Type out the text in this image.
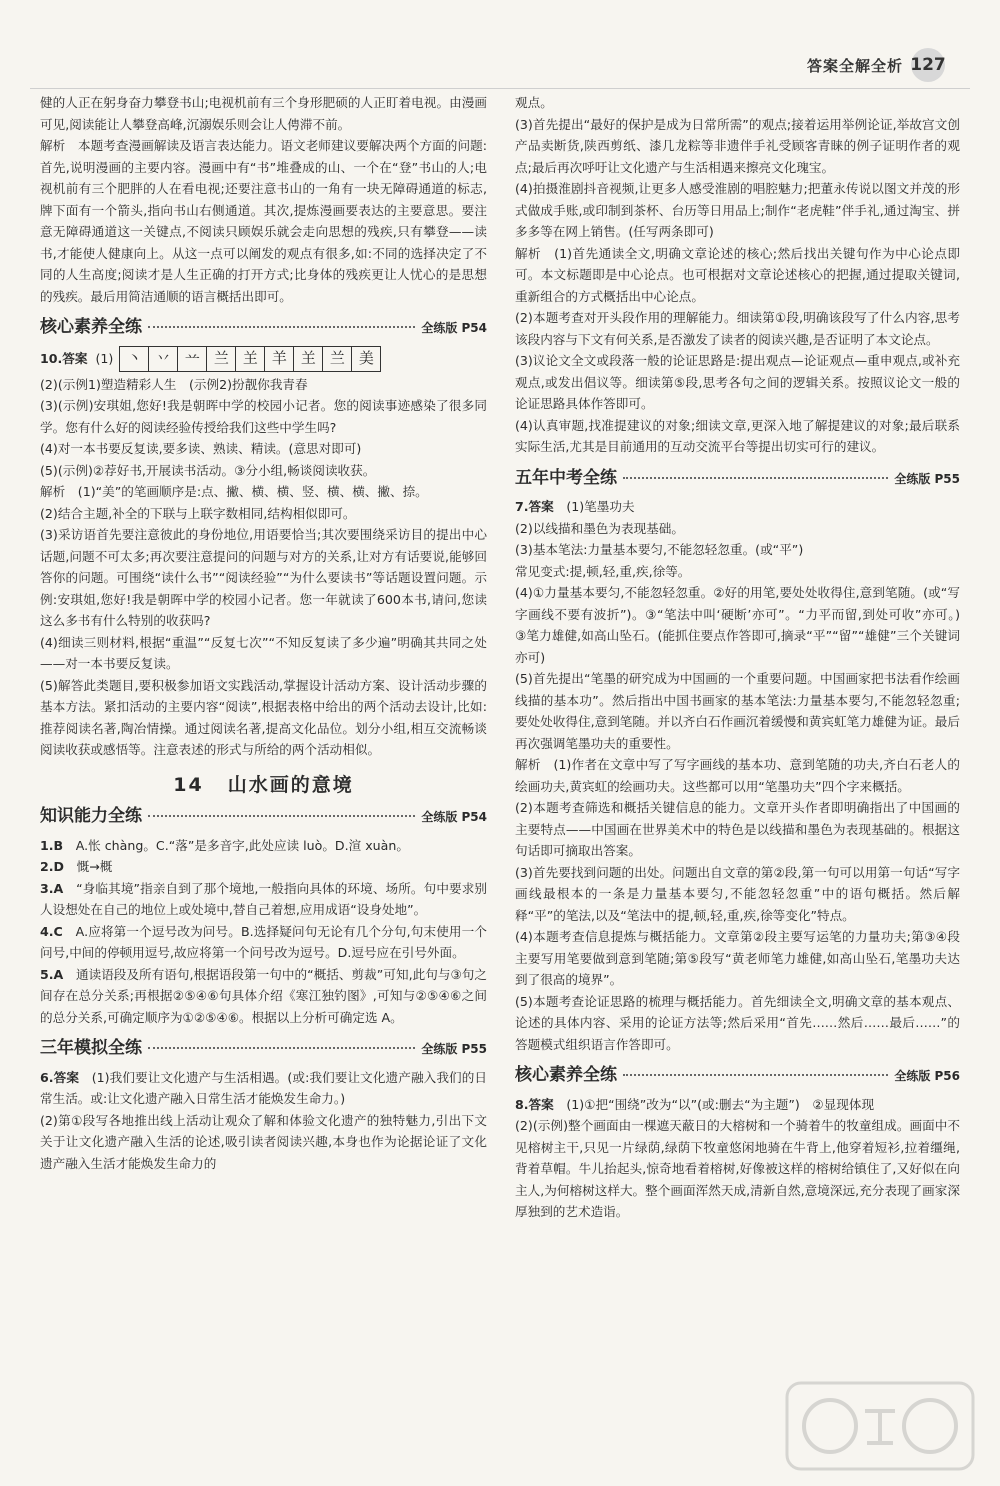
答案全解全析 127

健的人正在躬身奋力攀登书山;电视机前有三个身形肥硕的人正盯着电视。由漫画可见,阅读能让人攀登高峰,沉溺娱乐则会让人俜滞不前。

解析　本题考查漫画解读及语言表达能力。语文老师建议要解决两个方面的问题:首先,说明漫画的主要内容。漫画中有“书”堆叠成的山、一个在“登”书山的人;电视机前有三个肥胖的人在看电视;还要注意书山的一角有一块无障碍通道的标志,牌下面有一个箭头,指向书山右侧通道。其次,提炼漫画要表达的主要意思。要注意无障碍通道这一关键点,不阅读只顾娱乐就会走向思想的残疾,只有攀登——读书,才能使人健康向上。从这一点可以阐发的观点有很多,如:不同的选择决定了不同的人生高度;阅读才是人生正确的打开方式;比身体的残疾更让人忧心的是思想的残疾。最后用简洁通顺的语言概括出即可。

核心素养全练	全练版 P54
10.答案 (1) 丶 丷 䒑 兰 𦍌 羊 𦍌 兰 美

(2)(示例1)塑造精彩人生　(示例2)扮靓你我青春

(3)(示例)安琪姐,您好!我是朝晖中学的校园小记者。您的阅读事迹感染了很多同学。您有什么好的阅读经验传授给我们这些中学生吗?

(4)对一本书要反复读,要多读、熟读、精读。(意思对即可)

(5)(示例)②荐好书,开展读书活动。③分小组,畅谈阅读收获。

解析　(1)“美”的笔画顺序是:点、撇、横、横、竖、横、横、撇、捺。

(2)结合主题,补全的下联与上联字数相同,结构相似即可。

(3)采访语首先要注意彼此的身份地位,用语要恰当;其次要围绕采访目的提出中心话题,问题不可太多;再次要注意提问的问题与对方的关系,让对方有话要说,能够回答你的问题。可围绕“读什么书”“阅读经验”“为什么要读书”等话题设置问题。示例:安琪姐,您好!我是朝晖中学的校园小记者。您一年就读了600本书,请问,您读这么多书有什么特别的收获吗?

(4)细读三则材料,根据“重温”“反复七次”“不知反复读了多少遍”明确其共同之处——对一本书要反复读。

(5)解答此类题目,要积极参加语文实践活动,掌握设计活动方案、设计活动步骤的基本方法。紧扣活动的主要内容“阅读”,根据表格中给出的两个活动去设计,比如:推荐阅读名著,陶冶情操。通过阅读名著,提高文化品位。划分小组,相互交流畅谈阅读收获或感悟等。注意表述的形式与所给的两个活动相似。

14 山水画的意境
知识能力全练	全练版 P54

1.B　 A.怅 chàng。C.“落”是多音字,此处应读 luò。D.渲 xuàn。

2.D　 慨→概

3.A　 “身临其境”指亲自到了那个境地,一般指向具体的环境、场所。句中要求别人设想处在自己的地位上或处境中,替自己着想,应用成语“设身处地”。

4.C　 A.应将第一个逗号改为问号。B.选择疑问句无论有几个分句,句末使用一个问号,中间的停顿用逗号,故应将第一个问号改为逗号。D.逗号应在引号外面。

5.A　 通读语段及所有语句,根据语段第一句中的“概括、剪裁”可知,此句与③句之间存在总分关系;再根据②⑤④⑥句具体介绍《寒江独钓图》,可知与②⑤④⑥之间的总分关系,可确定顺序为①②⑤④⑥。根据以上分析可确定选 A。

三年模拟全练	全练版 P55

6.答案　 (1)我们要让文化遗产与生活相遇。(或:我们要让文化遗产融入我们的日常生活。或:让文化遗产融入日常生活才能焕发生命力。)

(2)第①段写各地推出线上活动让观众了解和体验文化遗产的独特魅力,引出下文关于让文化遗产融入生活的论述,吸引读者阅读兴趣,本身也作为论据论证了文化遗产融入生活才能焕发生命力的

观点。

(3)首先提出“最好的保护是成为日常所需”的观点;接着运用举例论证,举故宫文创产品卖断货,陕西剪纸、漆几龙粽等非遗伴手礼受顾客青睐的例子证明作者的观点;最后再次呼吁让文化遗产与生活相遇来擦亮文化瑰宝。

(4)拍摄淮剧抖音视频,让更多人感受淮剧的唱腔魅力;把董永传说以图文并茂的形式做成手账,或印制到茶杯、台历等日用品上;制作“老虎鞋”伴手礼,通过淘宝、拼多多等在网上销售。(任写两条即可)

解析　(1)首先通读全文,明确文章论述的核心;然后找出关键句作为中心论点即可。本文标题即是中心论点。也可根据对文章论述核心的把握,通过提取关键词,重新组合的方式概括出中心论点。

(2)本题考查对开头段作用的理解能力。细读第①段,明确该段写了什么内容,思考该段内容与下文有何关系,是否激发了读者的阅读兴趣,是否证明了本文论点。

(3)议论文全文或段落一般的论证思路是:提出观点—论证观点—重申观点,或补充观点,或发出倡议等。细读第⑤段,思考各句之间的逻辑关系。按照议论文一般的论证思路具体作答即可。

(4)认真审题,找准提建议的对象;细读文章,更深入地了解提建议的对象;最后联系实际生活,尤其是目前通用的互动交流平台等提出切实可行的建议。

五年中考全练	全练版 P55

7.答案　 (1)笔墨功夫

(2)以线描和墨色为表现基础。

(3)基本笔法:力量基本要匀,不能忽轻忽重。(或“平”)

常见变式:提,顿,轻,重,疾,徐等。

(4)①力量基本要匀,不能忽轻忽重。②好的用笔,要处处收得住,意到笔随。(或“写字画线不要有波折”)。③“笔法中叫‘硬断’亦可”。“力平而留,到处可收”亦可。)　③笔力雄健,如高山坠石。(能抓住要点作答即可,摘录“平”“留”“雄健”三个关键词亦可)

(5)首先提出“笔墨的研究成为中国画的一个重要问题。中国画家把书法看作绘画线描的基本功”。然后指出中国书画家的基本笔法:力量基本要匀,不能忽轻忽重;要处处收得住,意到笔随。并以齐白石作画沉着缓慢和黄宾虹笔力雄健为证。最后再次强调笔墨功夫的重要性。

解析　(1)作者在文章中写了写字画线的基本功、意到笔随的功夫,齐白石老人的绘画功夫,黄宾虹的绘画功夫。这些都可以用“笔墨功夫”四个字来概括。

(2)本题考查筛选和概括关键信息的能力。文章开头作者即明确指出了中国画的主要特点——中国画在世界美术中的特色是以线描和墨色为表现基础的。根据这句话即可摘取出答案。

(3)首先要找到问题的出处。问题出自文章的第②段,第一句可以用第一句话“写字画线最根本的一条是力量基本要匀,不能忽轻忽重”中的语句概括。然后解释“平”的笔法,以及“笔法中的提,顿,轻,重,疾,徐等变化”特点。

(4)本题考查信息提炼与概括能力。文章第②段主要写运笔的力量功夫;第③④段主要写用笔要做到意到笔随;第⑤段写“黄老师笔力雄健,如高山坠石,笔墨功夫达到了很高的境界”。

(5)本题考查论证思路的梳理与概括能力。首先细读全文,明确文章的基本观点、论述的具体内容、采用的论证方法等;然后采用“首先……然后……最后……”的答题模式组织语言作答即可。

核心素养全练	全练版 P56

8.答案　 (1)①把“围绕”改为“以”(或:删去“为主题”)　②显现体现

(2)(示例)整个画面由一棵遮天蔽日的大榕树和一个骑着牛的牧童组成。画面中不见榕树主干,只见一片绿荫,绿荫下牧童悠闲地骑在牛背上,他穿着短衫,拉着缰绳,背着草帽。牛儿抬起头,惊奇地看着榕树,好像被这样的榕树给镇住了,又好似在向主人,为何榕树这样大。整个画面浑然天成,清新自然,意境深远,充分表现了画家深厚独到的艺术造诣。
